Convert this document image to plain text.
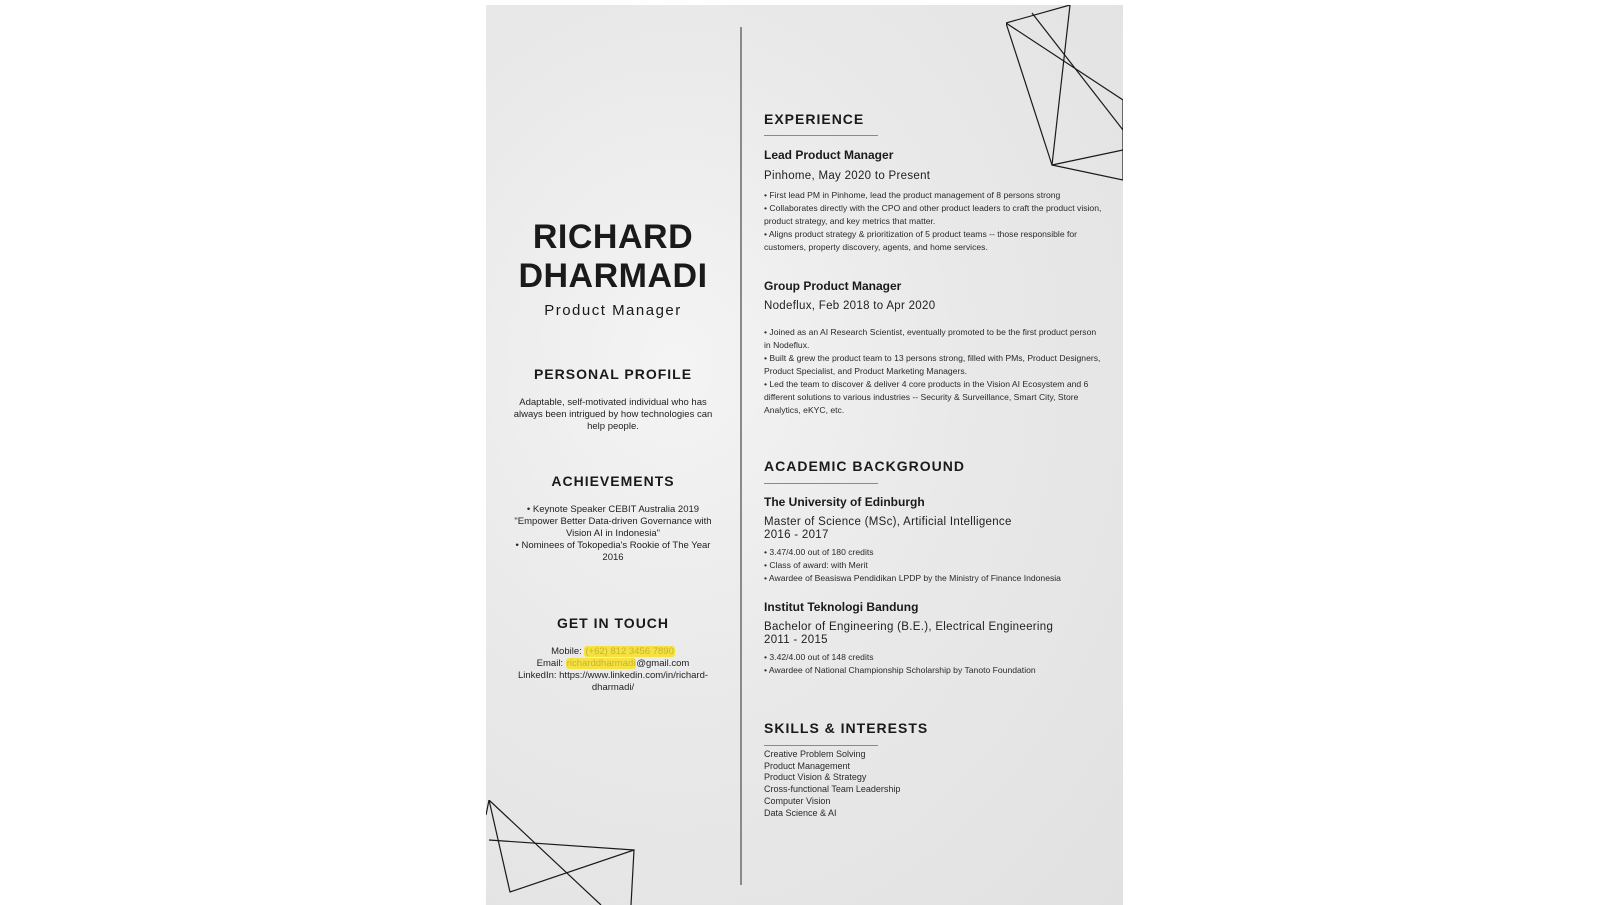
RICHARD
DHARMADI
Product Manager
PERSONAL PROFILE
Adaptable, self-motivated individual who has always been intrigued by how technologies can help people.
ACHIEVEMENTS
• Keynote Speaker CEBIT Australia 2019
"Empower Better Data-driven Governance with Vision AI in Indonesia"
• Nominees of Tokopedia's Rookie of The Year 2016
GET IN TOUCH
Mobile: (+62) 812 3456 7890
Email: richarddharmadi@gmail.com
LinkedIn: https://www.linkedin.com/in/richard-dharmadi/
EXPERIENCE
Lead Product Manager
Pinhome, May 2020 to Present
• First lead PM in Pinhome, lead the product management of 8 persons strong
• Collaborates directly with the CPO and other product leaders to craft the product vision, product strategy, and key metrics that matter.
• Aligns product strategy & prioritization of 5 product teams -- those responsible for customers, property discovery, agents, and home services.
Group Product Manager
Nodeflux, Feb 2018 to Apr 2020
• Joined as an AI Research Scientist, eventually promoted to be the first product person in Nodeflux.
• Built & grew the product team to 13 persons strong, filled with PMs, Product Designers, Product Specialist, and Product Marketing Managers.
• Led the team to discover & deliver 4 core products in the Vision AI Ecosystem and 6 different solutions to various industries -- Security & Surveillance, Smart City, Store Analytics, eKYC, etc.
ACADEMIC BACKGROUND
The University of Edinburgh
Master of Science (MSc), Artificial Intelligence
2016 - 2017
• 3.47/4.00 out of 180 credits
• Class of award: with Merit
• Awardee of Beasiswa Pendidikan LPDP by the Ministry of Finance Indonesia
Institut Teknologi Bandung
Bachelor of Engineering (B.E.), Electrical Engineering
2011 - 2015
• 3.42/4.00 out of 148 credits
• Awardee of National Championship Scholarship by Tanoto Foundation
SKILLS & INTERESTS
Creative Problem Solving
Product Management
Product Vision & Strategy
Cross-functional Team Leadership
Computer Vision
Data Science & AI
